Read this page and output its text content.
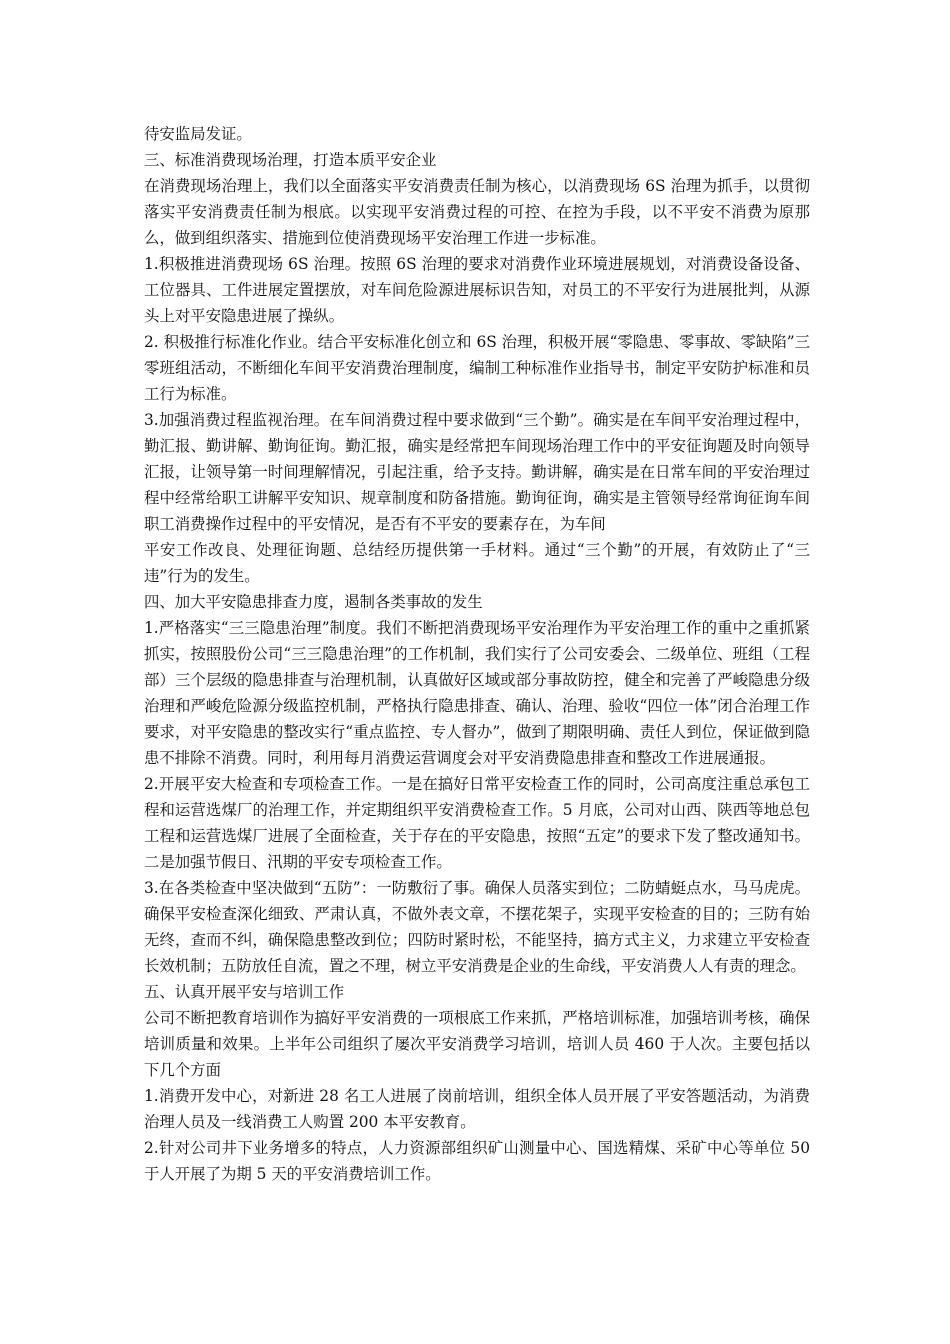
待安监局发证。

三、标准消费现场治理，打造本质平安企业

在消费现场治理上，我们以全面落实平安消费责任制为核心，以消费现场 6S 治理为抓手，以贯彻落实平安消费责任制为根底。以实现平安消费过程的可控、在控为手段，以不平安不消费为原那么，做到组织落实、措施到位使消费现场平安治理工作进一步标准。

1.积极推进消费现场 6S 治理。按照 6S 治理的要求对消费作业环境进展规划，对消费设备设备、工位器具、工件进展定置摆放，对车间危险源进展标识告知，对员工的不平安行为进展批判，从源头上对平安隐患进展了操纵。

2. 积极推行标准化作业。结合平安标准化创立和 6S 治理，积极开展“零隐患、零事故、零缺陷”三零班组活动，不断细化车间平安消费治理制度，编制工种标准作业指导书，制定平安防护标准和员工行为标准。

3.加强消费过程监视治理。在车间消费过程中要求做到“三个勤”。确实是在车间平安治理过程中，勤汇报、勤讲解、勤询征询。勤汇报，确实是经常把车间现场治理工作中的平安征询题及时向领导汇报，让领导第一时间理解情况，引起注重，给予支持。勤讲解，确实是在日常车间的平安治理过程中经常给职工讲解平安知识、规章制度和防备措施。勤询征询，确实是主管领导经常询征询车间职工消费操作过程中的平安情况，是否有不平安的要素存在，为车间

平安工作改良、处理征询题、总结经历提供第一手材料。通过“三个勤”的开展，有效防止了“三违”行为的发生。

四、加大平安隐患排查力度，遏制各类事故的发生

1.严格落实“三三隐患治理”制度。我们不断把消费现场平安治理作为平安治理工作的重中之重抓紧抓实，按照股份公司“三三隐患治理”的工作机制，我们实行了公司安委会、二级单位、班组（工程部）三个层级的隐患排查与治理机制，认真做好区域或部分事故防控，健全和完善了严峻隐患分级治理和严峻危险源分级监控机制，严格执行隐患排查、确认、治理、验收“四位一体”闭合治理工作要求，对平安隐患的整改实行“重点监控、专人督办”，做到了期限明确、责任人到位，保证做到隐患不排除不消费。同时，利用每月消费运营调度会对平安消费隐患排查和整改工作进展通报。

2.开展平安大检查和专项检查工作。一是在搞好日常平安检查工作的同时，公司高度注重总承包工程和运营选煤厂的治理工作，并定期组织平安消费检查工作。5 月底，公司对山西、陕西等地总包工程和运营选煤厂进展了全面检查，关于存在的平安隐患，按照“五定”的要求下发了整改通知书。二是加强节假日、汛期的平安专项检查工作。

3.在各类检查中坚决做到“五防”：一防敷衍了事。确保人员落实到位；二防蜻蜓点水，马马虎虎。确保平安检查深化细致、严肃认真，不做外表文章，不摆花架子，实现平安检查的目的；三防有始无终，查而不纠，确保隐患整改到位；四防时紧时松，不能坚持，搞方式主义，力求建立平安检查长效机制；五防放任自流，置之不理，树立平安消费是企业的生命线，平安消费人人有责的理念。

五、认真开展平安与培训工作

公司不断把教育培训作为搞好平安消费的一项根底工作来抓，严格培训标准，加强培训考核，确保培训质量和效果。上半年公司组织了屡次平安消费学习培训，培训人员 460 于人次。主要包括以下几个方面

1.消费开发中心，对新进 28 名工人进展了岗前培训，组织全体人员开展了平安答题活动，为消费治理人员及一线消费工人购置 200 本平安教育。

2.针对公司井下业务增多的特点，人力资源部组织矿山测量中心、国选精煤、采矿中心等单位 50 于人开展了为期 5 天的平安消费培训工作。
